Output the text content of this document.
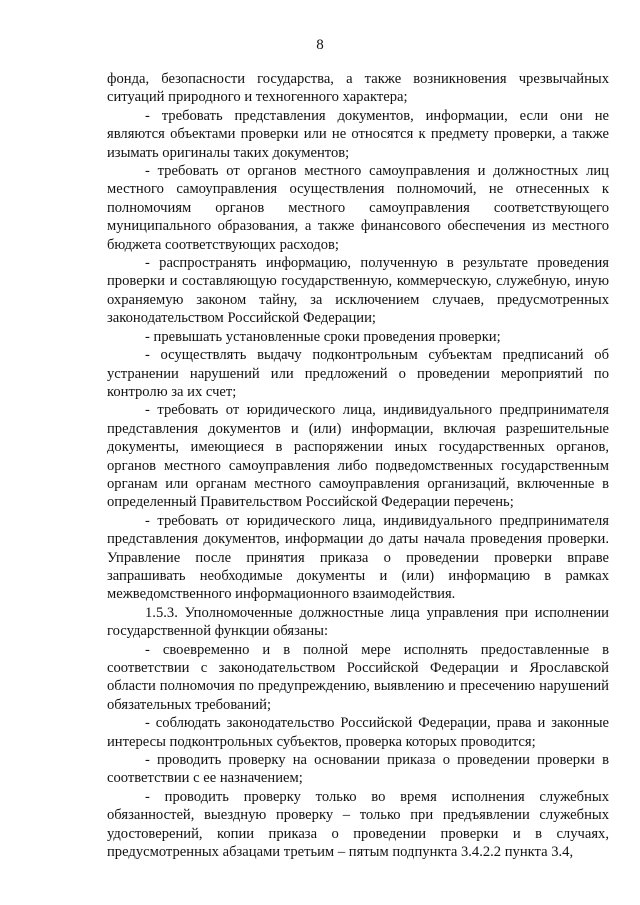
8

фонда, безопасности государства, а также возникновения чрезвычайных ситуаций природного и техногенного характера;

- требовать представления документов, информации, если они не являются объектами проверки или не относятся к предмету проверки, а также изымать оригиналы таких документов;

- требовать от органов местного самоуправления и должностных лиц местного самоуправления осуществления полномочий, не отнесенных к полномочиям органов местного самоуправления соответствующего муниципального образования, а также финансового обеспечения из местного бюджета соответствующих расходов;

- распространять информацию, полученную в результате проведения проверки и составляющую государственную, коммерческую, служебную, иную охраняемую законом тайну, за исключением случаев, предусмотренных законодательством Российской Федерации;

- превышать установленные сроки проведения проверки;

- осуществлять выдачу подконтрольным субъектам предписаний об устранении нарушений или предложений о проведении мероприятий по контролю за их счет;

- требовать от юридического лица, индивидуального предпринимателя представления документов и (или) информации, включая разрешительные документы, имеющиеся в распоряжении иных государственных органов, органов местного самоуправления либо подведомственных государственным органам или органам местного самоуправления организаций, включенные в определенный Правительством Российской Федерации перечень;

- требовать от юридического лица, индивидуального предпринимателя представления документов, информации до даты начала проведения проверки. Управление после принятия приказа о проведении проверки вправе запрашивать необходимые документы и (или) информацию в рамках межведомственного информационного взаимодействия.

1.5.3. Уполномоченные должностные лица управления при исполнении государственной функции обязаны:

- своевременно и в полной мере исполнять предоставленные в соответствии с законодательством Российской Федерации и Ярославской области полномочия по предупреждению, выявлению и пресечению нарушений обязательных требований;

- соблюдать законодательство Российской Федерации, права и законные интересы подконтрольных субъектов, проверка которых проводится;

- проводить проверку на основании приказа о проведении проверки в соответствии с ее назначением;

- проводить проверку только во время исполнения служебных обязанностей, выездную проверку – только при предъявлении служебных удостоверений, копии приказа о проведении проверки и в случаях, предусмотренных абзацами третьим – пятым подпункта 3.4.2.2 пункта 3.4,
